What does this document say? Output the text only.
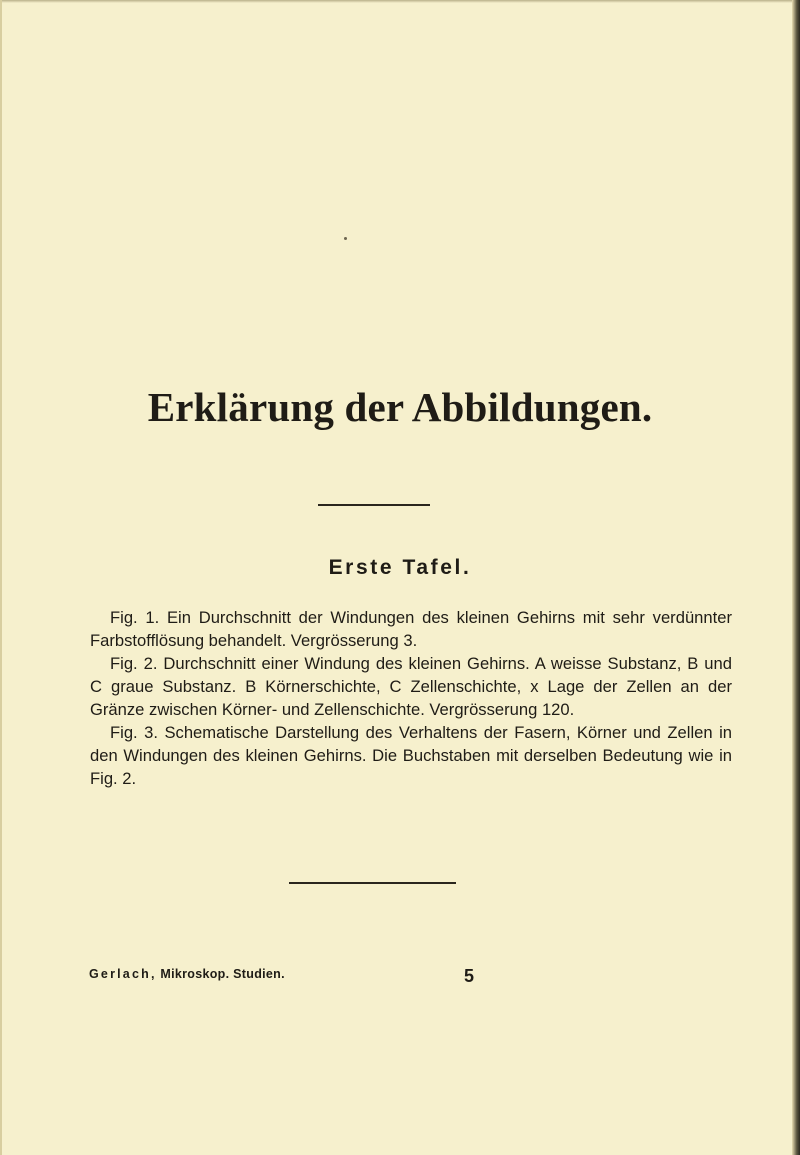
Erklärung der Abbildungen.
Erste Tafel.

Fig. 1. Ein Durchschnitt der Windungen des kleinen Gehirns mit sehr verdünnter Farbstofflösung behandelt. Vergrösserung 3.

Fig. 2. Durchschnitt einer Windung des kleinen Gehirns. A weisse Substanz, B und C graue Substanz. B Körnerschichte, C Zellenschichte, x Lage der Zellen an der Gränze zwischen Körner- und Zellenschichte. Vergrösserung 120.

Fig. 3. Schematische Darstellung des Verhaltens der Fasern, Körner und Zellen in den Windungen des kleinen Gehirns. Die Buchstaben mit derselben Bedeutung wie in Fig. 2.

Gerlach, Mikroskop. Studien.	5
